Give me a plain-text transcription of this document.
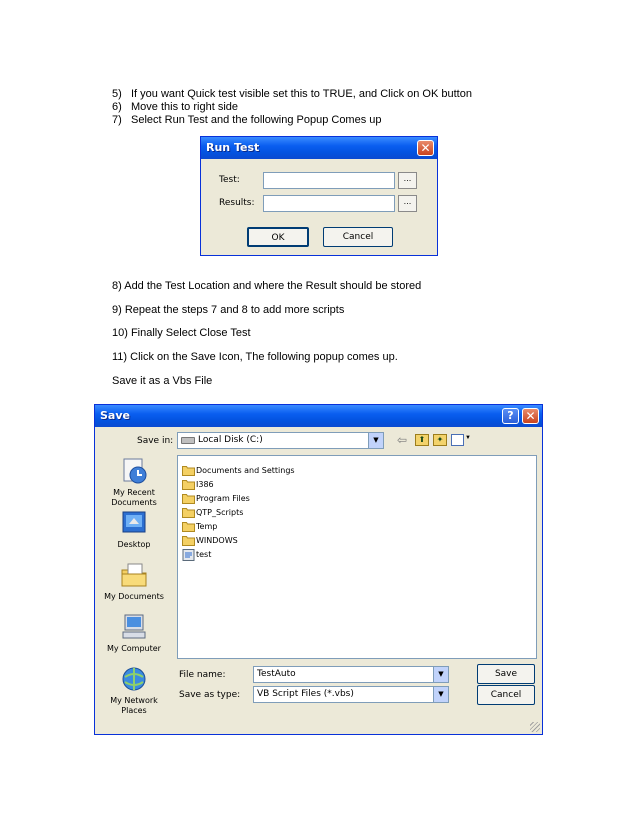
5) If you want Quick test visible set this to TRUE, and Click on OK button
6) Move this to right side
7) Select Run Test and the following Popup Comes up
Run Test	✕
Test:	...
Results:	...
OK	Cancel
8) Add the Test Location and where the Result should be stored
9) Repeat the steps 7 and 8 to add more scripts
10) Finally Select Close Test
11) Click on the Save Icon, The following popup comes up.
Save it as a Vbs File
Save	? ✕
Save in:	Local Disk (C:)	▼	⇦	⬆	✦	▼
My Recent
Documents
Desktop
My Documents
My Computer
My Network
Places
Documents and Settings
I386
Program Files
QTP_Scripts
Temp
WINDOWS
test
File name:	TestAuto	▼	Save
Save as type:	VB Script Files (*.vbs)	▼	Cancel
